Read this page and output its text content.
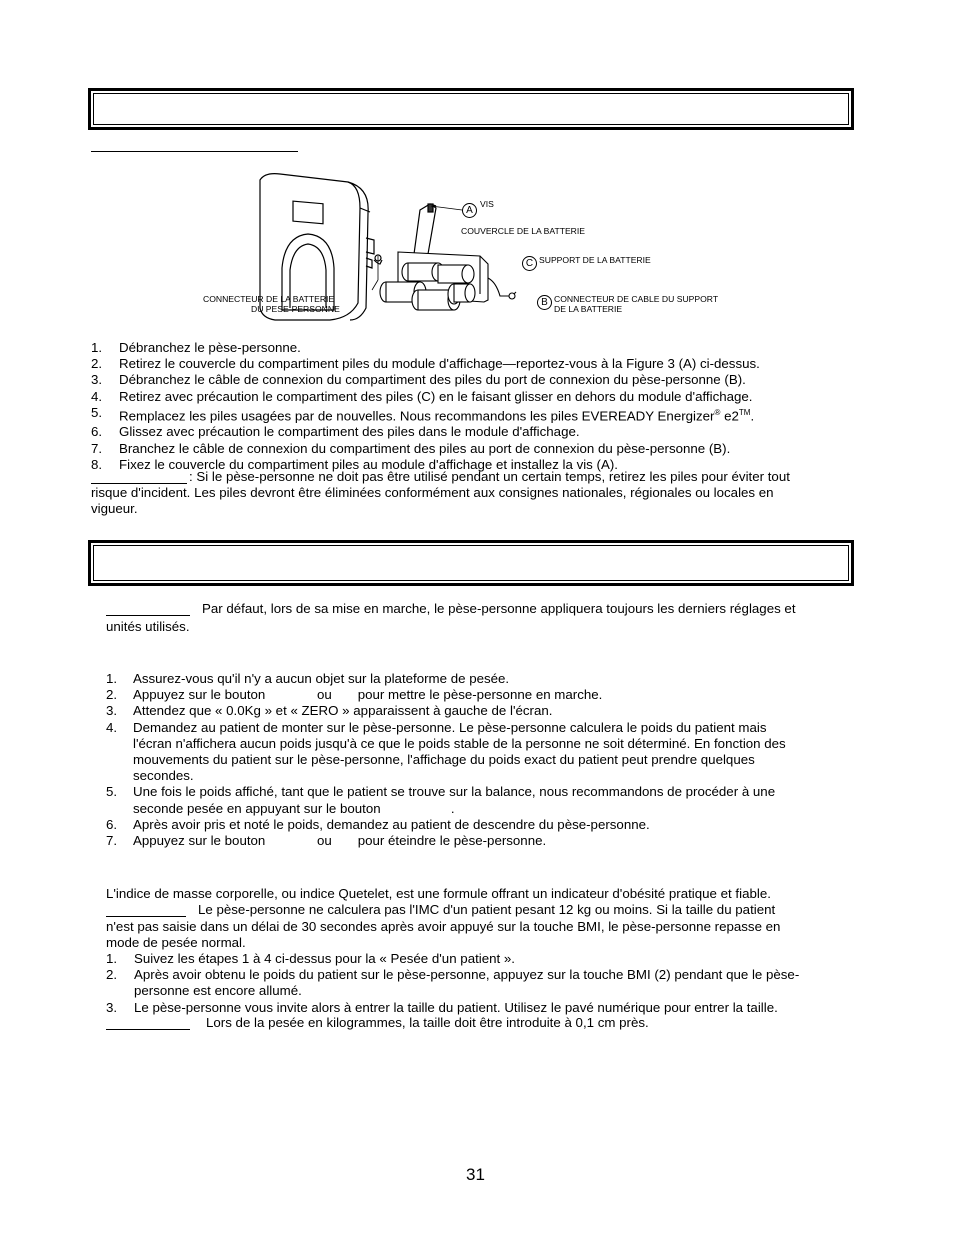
A
VIS
COUVERCLE DE LA BATTERIE
C SUPPORT DE LA BATTERIE
B CONNECTEUR DE CABLE DU SUPPORT
DE LA BATTERIE
CONNECTEUR DE LA BATTERIE
DU PESE-PERSONNE
1. Débranchez le pèse-personne.
2. Retirez le couvercle du compartiment piles du module d'affichage—reportez-vous à la Figure 3 (A) ci-dessus.
3. Débranchez le câble de connexion du compartiment des piles du port de connexion du pèse-personne (B).
4. Retirez avec précaution le compartiment des piles (C) en le faisant glisser en dehors du module d'affichage.
5. Remplacez les piles usagées par de nouvelles. Nous recommandons les piles EVEREADY Energizer® e2™.
6. Glissez avec précaution le compartiment des piles dans le module d'affichage.
7. Branchez le câble de connexion du compartiment des piles au port de connexion du pèse-personne (B).
8. Fixez le couvercle du compartiment piles au module d'affichage et installez la vis (A).
: Si le pèse-personne ne doit pas être utilisé pendant un certain temps, retirez les piles pour éviter tout
risque d'incident. Les piles devront être éliminées conformément aux consignes nationales, régionales ou locales en
vigueur.
Par défaut, lors de sa mise en marche, le pèse-personne appliquera toujours les derniers réglages et
unités utilisés.
1. Assurez-vous qu'il n'y a aucun objet sur la plateforme de pesée.
2. Appuyez sur le bouton              ou       pour mettre le pèse-personne en marche.
3. Attendez que « 0.0Kg » et « ZERO » apparaissent à gauche de l'écran.
4. Demandez au patient de monter sur le pèse-personne. Le pèse-personne calculera le poids du patient mais
l'écran n'affichera aucun poids jusqu'à ce que le poids stable de la personne ne soit déterminé. En fonction des
mouvements du patient sur le pèse-personne, l'affichage du poids exact du patient peut prendre quelques
secondes.
5. Une fois le poids affiché, tant que le patient se trouve sur la balance, nous recommandons de procéder à une
seconde pesée en appuyant sur le bouton                   .
6. Après avoir pris et noté le poids, demandez au patient de descendre du pèse-personne.
7. Appuyez sur le bouton              ou       pour éteindre le pèse-personne.
L'indice de masse corporelle, ou indice Quetelet, est une formule offrant un indicateur d'obésité pratique et fiable.
Le pèse-personne ne calculera pas l'IMC d'un patient pesant 12 kg ou moins. Si la taille du patient
n'est pas saisie dans un délai de 30 secondes après avoir appuyé sur la touche BMI, le pèse-personne repasse en
mode de pesée normal.
1. Suivez les étapes 1 à 4 ci-dessus pour la « Pesée d'un patient ».
2. Après avoir obtenu le poids du patient sur le pèse-personne, appuyez sur la touche BMI (2) pendant que le pèse-
personne est encore allumé.
3. Le pèse-personne vous invite alors à entrer la taille du patient. Utilisez le pavé numérique pour entrer la taille.
Lors de la pesée en kilogrammes, la taille doit être introduite à 0,1 cm près.
31
